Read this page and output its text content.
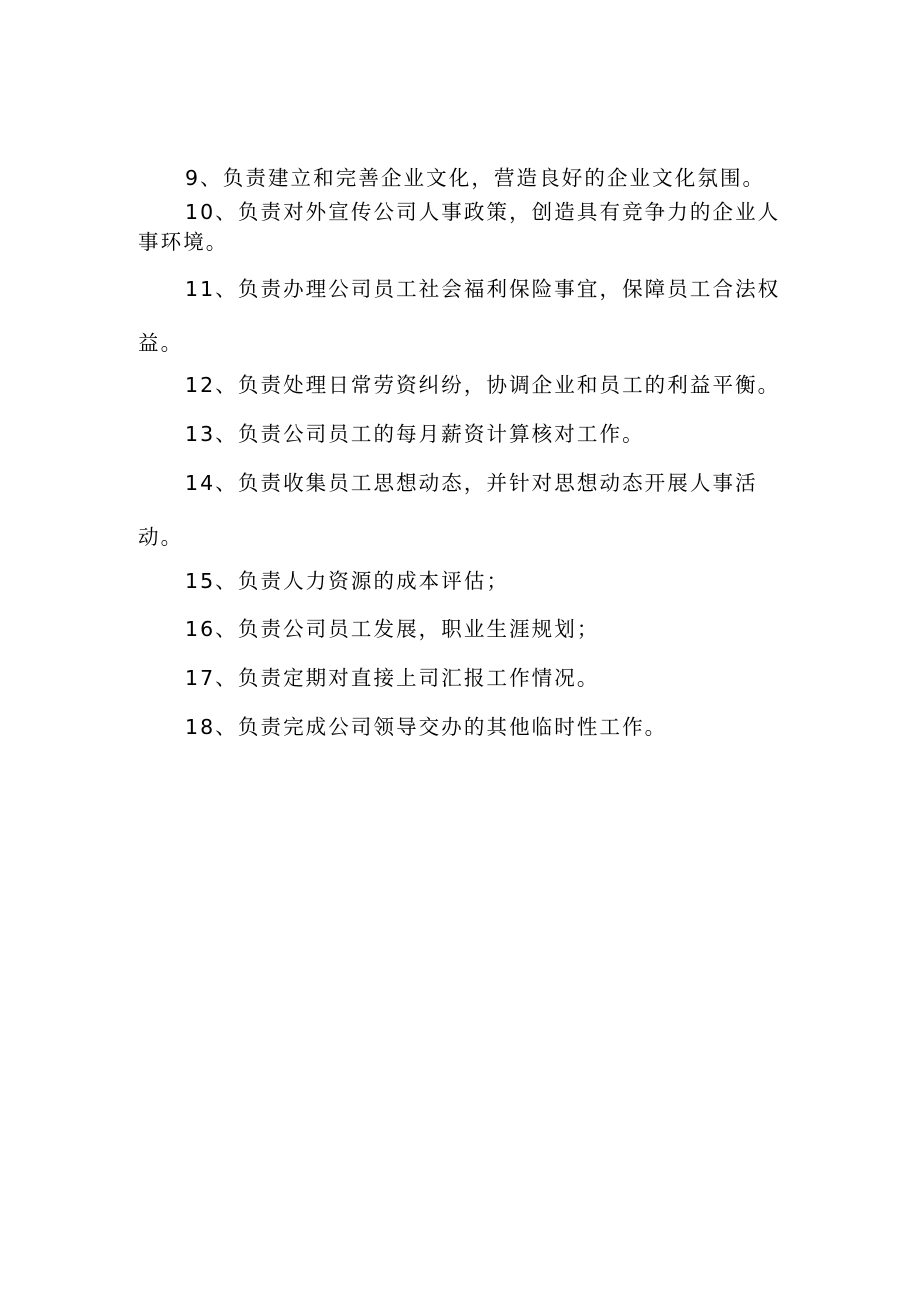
9、负责建立和完善企业文化，营造良好的企业文化氛围。

10、负责对外宣传公司人事政策，创造具有竞争力的企业人事环境。

11、负责办理公司员工社会福利保险事宜，保障员工合法权益。

12、负责处理日常劳资纠纷，协调企业和员工的利益平衡。

13、负责公司员工的每月薪资计算核对工作。

14、负责收集员工思想动态，并针对思想动态开展人事活动。

15、负责人力资源的成本评估；

16、负责公司员工发展，职业生涯规划；

17、负责定期对直接上司汇报工作情况。

18、负责完成公司领导交办的其他临时性工作。
